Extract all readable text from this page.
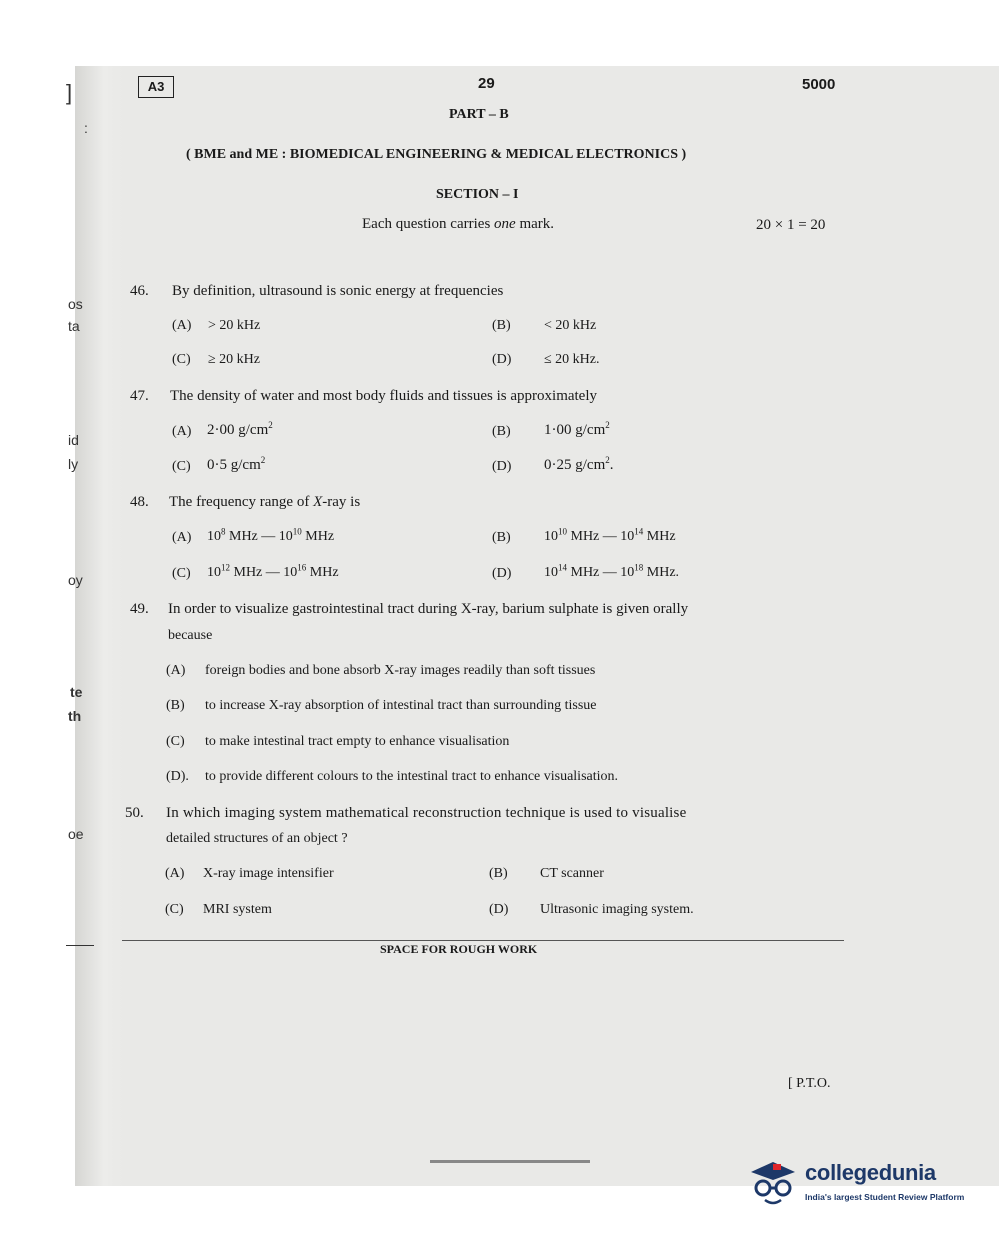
]
:
os
ta
id
ly
oy
te
th
oe
A3	29	5000
PART – B
( BME and ME : BIOMEDICAL ENGINEERING & MEDICAL ELECTRONICS )
SECTION – I
Each question carries one mark.	20 × 1 = 20
46. By definition, ultrasound is sonic energy at frequencies
(A) > 20 kHz	(B) < 20 kHz
(C) ≥ 20 kHz	(D) ≤ 20 kHz.
47. The density of water and most body fluids and tissues is approximately
(A) 2·00 $g/cm^2$	(B) 1·00 $g/cm^2$
(C) 0·5 $g/cm^2$	(D) 0·25 $g/cm^2$.
48. The frequency range of X-ray is
(A) $10^8$ MHz — $10^{10}$ MHz	(B) $10^{10}$ MHz — $10^{14}$ MHz
(C) $10^{12}$ MHz — $10^{16}$ MHz	(D) $10^{14}$ MHz — $10^{18}$ MHz.
49. In order to visualize gastrointestinal tract during X-ray, barium sulphate is given orally
because
(A) foreign bodies and bone absorb X-ray images readily than soft tissues
(B) to increase X-ray absorption of intestinal tract than surrounding tissue
(C) to make intestinal tract empty to enhance visualisation
(D). to provide different colours to the intestinal tract to enhance visualisation.
50. In which imaging system mathematical reconstruction technique is used to visualise
detailed structures of an object ?
(A) X-ray image intensifier	(B) CT scanner
(C) MRI system	(D) Ultrasonic imaging system.
SPACE FOR ROUGH WORK
[ P.T.O.
collegedunia
India's largest Student Review Platform
